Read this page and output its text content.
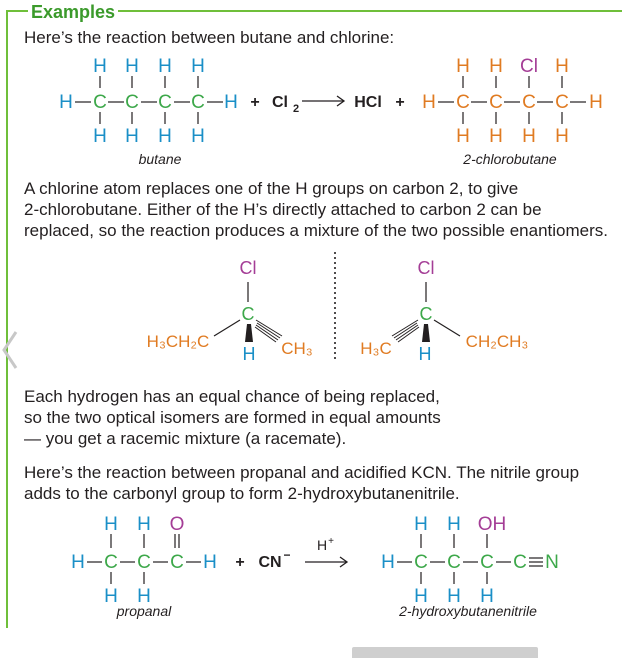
Examples
Here’s the reaction between butane and chlorine:
H H H H
H	H
H H H H
C C C C
butane
+ Cl 2	HCl +
H H	H
H	H
H H H H
C C C C
Cl
2-chlorobutane
A chlorine atom replaces one of the H groups on carbon 2, to give
2-chlorobutane. Either of the H’s directly attached to carbon 2 can be
replaced, so the reaction produces a mixture of the two possible enantiomers.
Cl
C
H₃CH₂C	CH₃
H
Cl
C
H₃C	CH₂CH₃
H
Each hydrogen has an equal chance of being replaced,
so the two optical isomers are formed in equal amounts
— you get a racemic mixture (a racemate).
Here’s the reaction between propanal and acidified KCN. The nitrile group
adds to the carbonyl group to form 2-hydroxybutanenitrile.
H H
H	H
H H
C C C
O
propanal
+ CN −
H +
H H
H
H H H
C C C C N
OH
2-hydroxybutanenitrile
